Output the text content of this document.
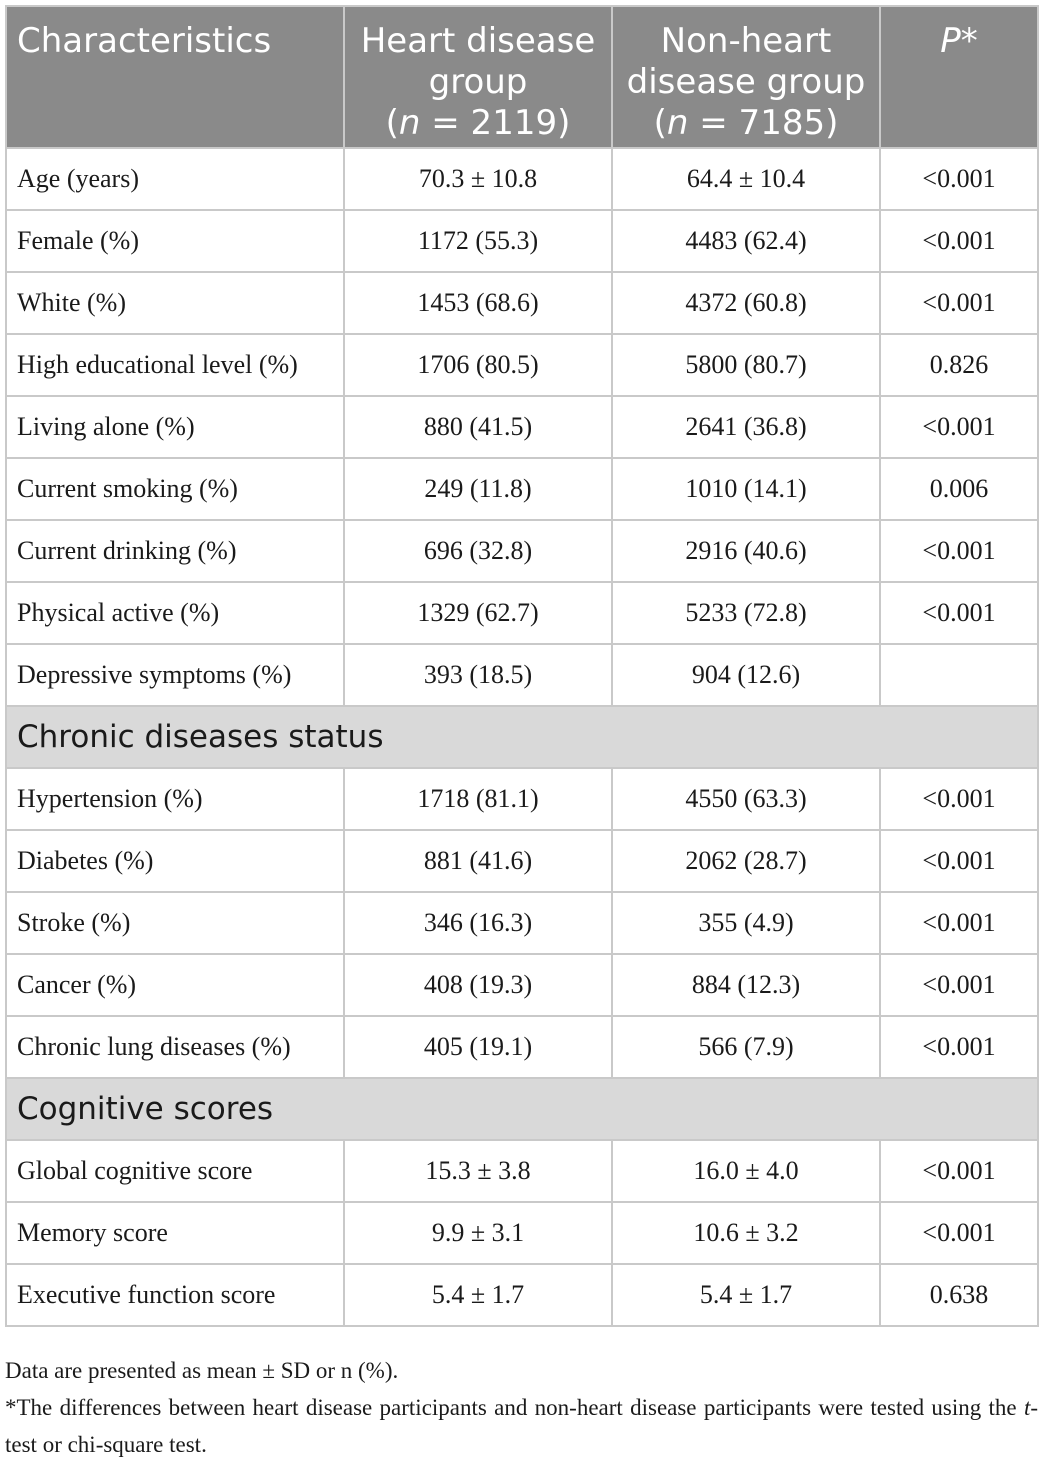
Characteristics	Heart disease
group
(n = 2119)	Non-heart
disease group
(n = 7185)	P*
Age (years)	70.3 ± 10.8	64.4 ± 10.4	<0.001
Female (%)	1172 (55.3)	4483 (62.4)	<0.001
White (%)	1453 (68.6)	4372 (60.8)	<0.001
High educational level (%)	1706 (80.5)	5800 (80.7)	0.826
Living alone (%)	880 (41.5)	2641 (36.8)	<0.001
Current smoking (%)	249 (11.8)	1010 (14.1)	0.006
Current drinking (%)	696 (32.8)	2916 (40.6)	<0.001
Physical active (%)	1329 (62.7)	5233 (72.8)	<0.001
Depressive symptoms (%)	393 (18.5)	904 (12.6)	
Chronic diseases status			
Hypertension (%)	1718 (81.1)	4550 (63.3)	<0.001
Diabetes (%)	881 (41.6)	2062 (28.7)	<0.001
Stroke (%)	346 (16.3)	355 (4.9)	<0.001
Cancer (%)	408 (19.3)	884 (12.3)	<0.001
Chronic lung diseases (%)	405 (19.1)	566 (7.9)	<0.001
Cognitive scores			
Global cognitive score	15.3 ± 3.8	16.0 ± 4.0	<0.001
Memory score	9.9 ± 3.1	10.6 ± 3.2	<0.001
Executive function score	5.4 ± 1.7	5.4 ± 1.7	0.638
Data are presented as mean ± SD or n (%).
*The differences between heart disease participants and non-heart disease participants were tested using the t-test or chi-square test.
